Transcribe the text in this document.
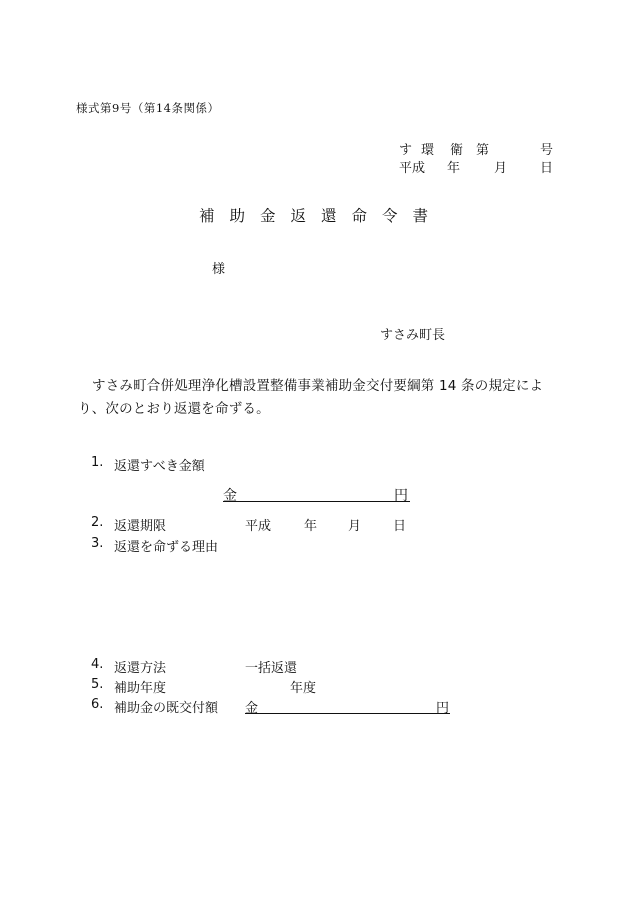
様式第9号（第14条関係）
す 環 衛 第	号
平成 年	月	日
補助金返還命令書
様
すさみ町長
すさみ町合併処理浄化槽設置整備事業補助金交付要綱第 14 条の規定により、次のとおり返還を命ずる。
1. 返還すべき金額
金	円
2. 返還期限	平成	年 月 日
3. 返還を命ずる理由
4. 返還方法	一括返還
5. 補助年度	年度
6. 補助金の既交付額 金	円
